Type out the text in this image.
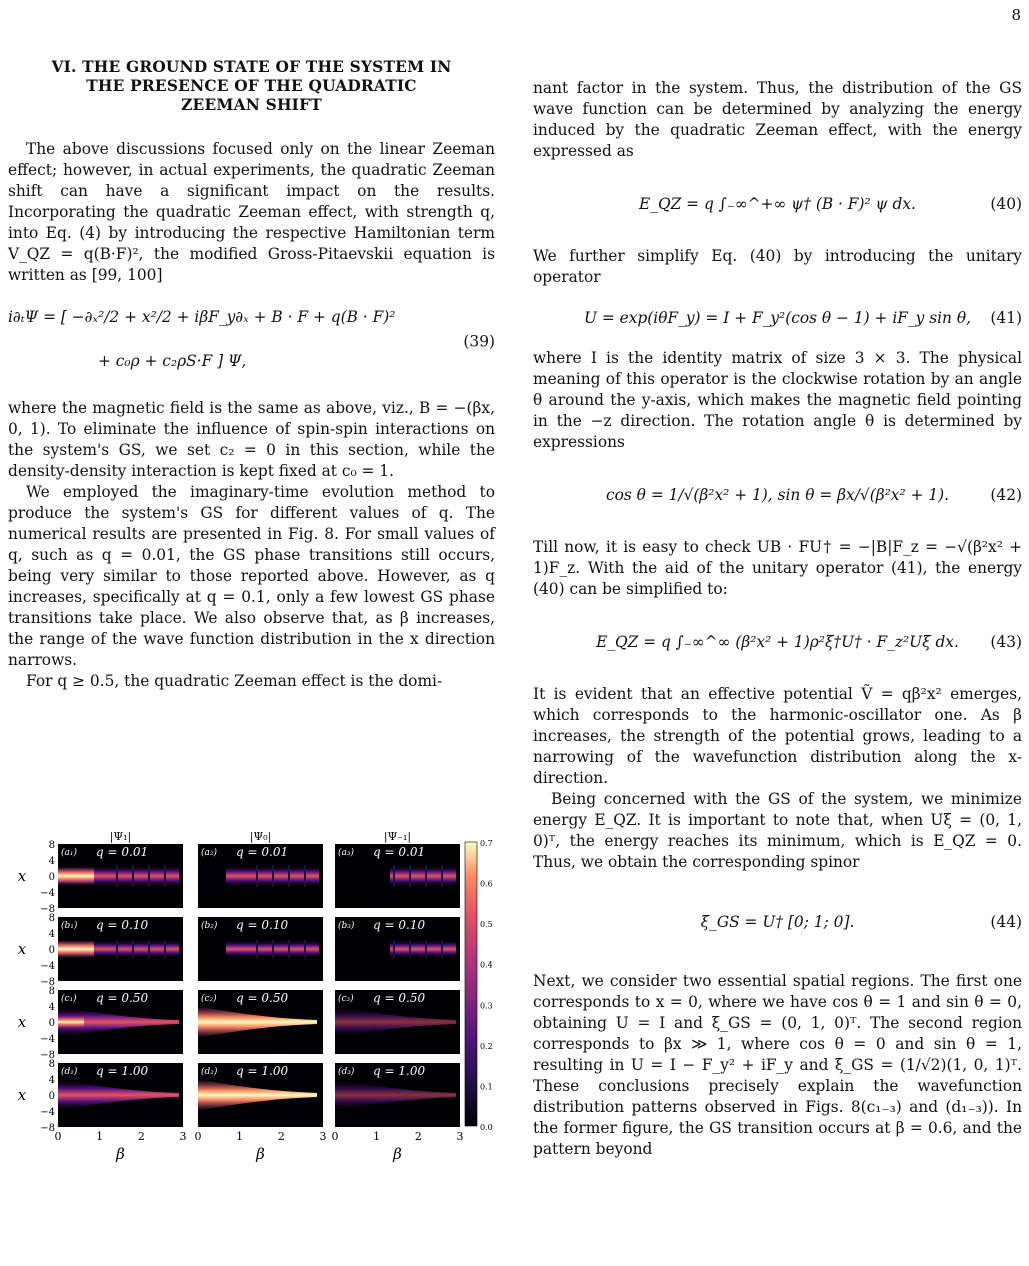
8
VI. THE GROUND STATE OF THE SYSTEM IN
THE PRESENCE OF THE QUADRATIC
ZEEMAN SHIFT

The above discussions focused only on the linear Zeeman effect; however, in actual experiments, the quadratic Zeeman shift can have a significant impact on the results. Incorporating the quadratic Zeeman effect, with strength q, into Eq. (4) by introducing the respective Hamiltonian term V_QZ = q(B·F)², the modified Gross-Pitaevskii equation is written as [99, 100]

i∂ₜΨ = [ −∂ₓ²/2 + x²/2 + iβF_y∂ₓ + B · F + q(B · F)²
+ c₀ρ + c₂ρS·F ] Ψ,
(39)

where the magnetic field is the same as above, viz., B = −(βx, 0, 1). To eliminate the influence of spin-spin interactions on the system's GS, we set c₂ = 0 in this section, while the density-density interaction is kept fixed at c₀ = 1.

We employed the imaginary-time evolution method to produce the system's GS for different values of q. The numerical results are presented in Fig. 8. For small values of q, such as q = 0.01, the GS phase transitions still occurs, being very similar to those reported above. However, as q increases, specifically at q = 0.1, only a few lowest GS phase transitions take place. We also observe that, as β increases, the range of the wave function distribution in the x direction narrows.

For q ≥ 0.5, the quadratic Zeeman effect is the domi-

|Ψ₁|	|Ψ₀|	|Ψ₋₁|
(a₁) q = 0.01	(a₂) q = 0.01	(a₃) q = 0.01
8
4
0
−4
−8
x
(b₁) q = 0.10	(b₂) q = 0.10	(b₃) q = 0.10
8
4
0
−4
−8
x
(c₁) q = 0.50	(c₂) q = 0.50	(c₃) q = 0.50
8
4
0
−4
−8
x
(d₁) q = 1.00	(d₂) q = 1.00	(d₃) q = 1.00
8
4
0
−4
−8
x
0	1	2	3
β
0	1	2	3
β
0	1	2	3
β
0.7
0.6
0.5
0.4
0.3
0.2
0.1
0.0

nant factor in the system. Thus, the distribution of the GS wave function can be determined by analyzing the energy induced by the quadratic Zeeman effect, with the energy expressed as

E_QZ = q ∫₋∞^+∞ ψ† (B · F)² ψ dx.	(40)

We further simplify Eq. (40) by introducing the unitary operator

U = exp(iθF_y) = I + F_y²(cos θ − 1) + iF_y sin θ, (41)

where I is the identity matrix of size 3 × 3. The physical meaning of this operator is the clockwise rotation by an angle θ around the y-axis, which makes the magnetic field pointing in the −z direction. The rotation angle θ is determined by expressions

cos θ = 1/√(β²x² + 1), sin θ = βx/√(β²x² + 1).	(42)

Till now, it is easy to check UB · FU† = −|B|F_z = −√(β²x² + 1)F_z. With the aid of the unitary operator (41), the energy (40) can be simplified to:

E_QZ = q ∫₋∞^∞ (β²x² + 1)ρ²ξ†U† · F_z²Uξ dx. (43)

It is evident that an effective potential Ṽ = qβ²x² emerges, which corresponds to the harmonic-oscillator one. As β increases, the strength of the potential grows, leading to a narrowing of the wavefunction distribution along the x-direction.

Being concerned with the GS of the system, we minimize energy E_QZ. It is important to note that, when Uξ = (0, 1, 0)ᵀ, the energy reaches its minimum, which is E_QZ = 0. Thus, we obtain the corresponding spinor

ξ_GS = U† [0; 1; 0].	(44)

Next, we consider two essential spatial regions. The first one corresponds to x = 0, where we have cos θ = 1 and sin θ = 0, obtaining U = I and ξ_GS = (0, 1, 0)ᵀ. The second region corresponds to βx ≫ 1, where cos θ = 0 and sin θ = 1, resulting in U = I − F_y² + iF_y and ξ_GS = (1/√2)(1, 0, 1)ᵀ. These conclusions precisely explain the wavefunction distribution patterns observed in Figs. 8(c₁₋₃) and (d₁₋₃)). In the former figure, the GS transition occurs at β = 0.6, and the pattern beyond
